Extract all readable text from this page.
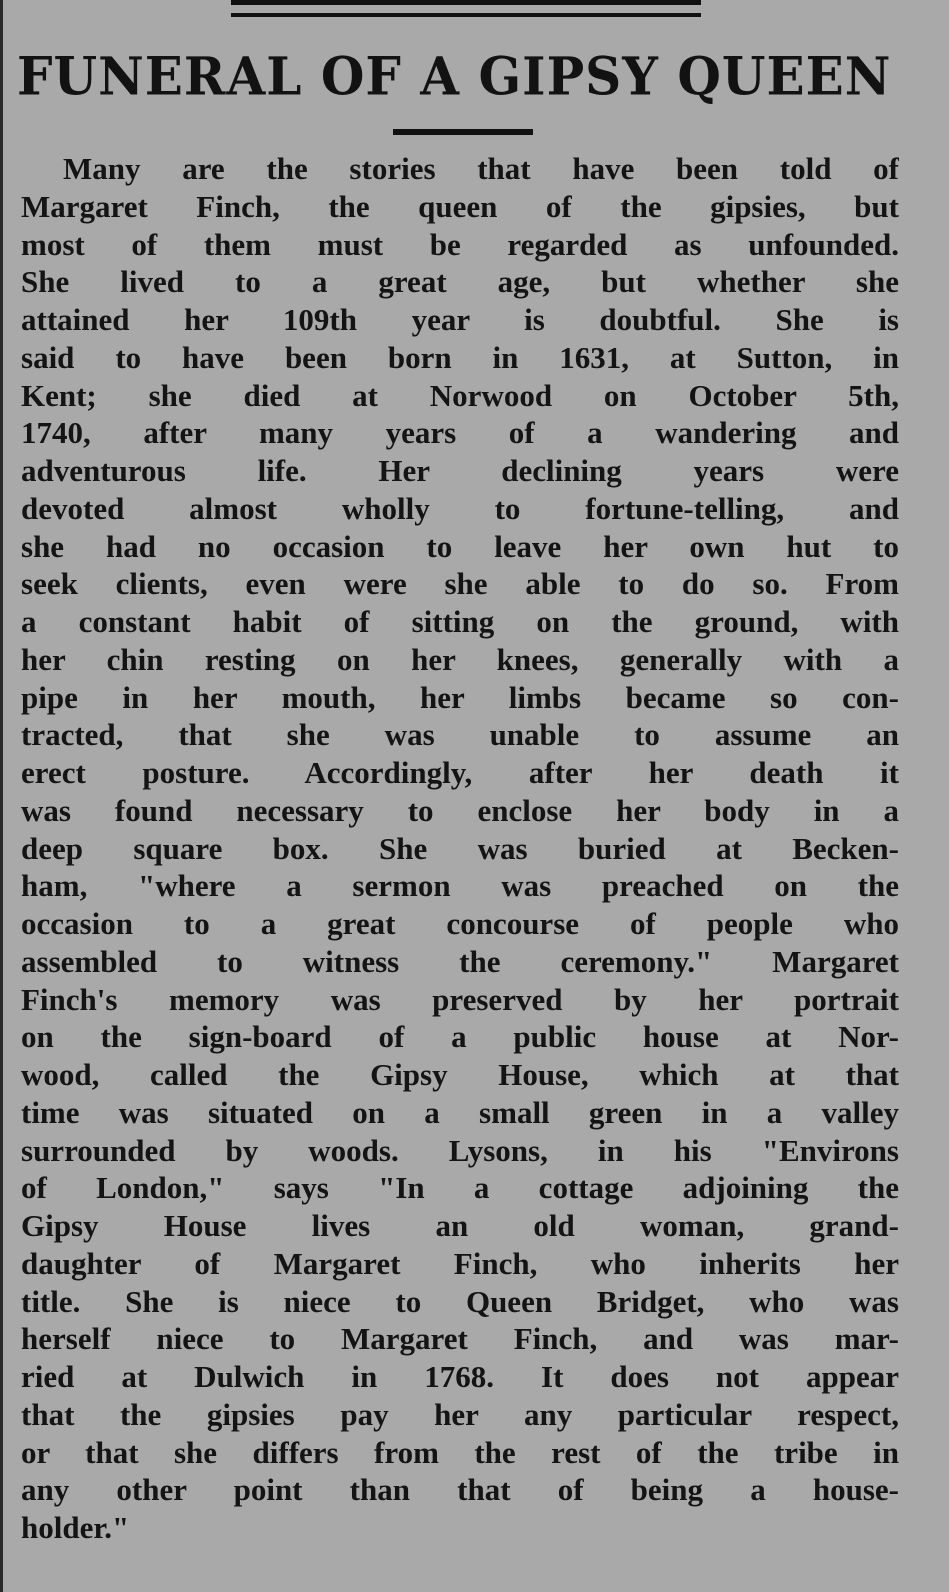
FUNERAL OF A GIPSY QUEEN
Many are the stories that have been told of
Margaret Finch, the queen of the gipsies, but
most of them must be regarded as unfounded.
She lived to a great age, but whether she
attained her 109th year is doubtful. She is
said to have been born in 1631, at Sutton, in
Kent; she died at Norwood on October 5th,
1740, after many years of a wandering and
adventurous life. Her declining years were
devoted almost wholly to fortune-telling, and
she had no occasion to leave her own hut to
seek clients, even were she able to do so. From
a constant habit of sitting on the ground, with
her chin resting on her knees, generally with a
pipe in her mouth, her limbs became so con-
tracted, that she was unable to assume an
erect posture. Accordingly, after her death it
was found necessary to enclose her body in a
deep square box. She was buried at Becken-
ham, "where a sermon was preached on the
occasion to a great concourse of people who
assembled to witness the ceremony." Margaret
Finch's memory was preserved by her portrait
on the sign-board of a public house at Nor-
wood, called the Gipsy House, which at that
time was situated on a small green in a valley
surrounded by woods. Lysons, in his "Environs
of London," says "In a cottage adjoining the
Gipsy House lives an old woman, grand-
daughter of Margaret Finch, who inherits her
title. She is niece to Queen Bridget, who was
herself niece to Margaret Finch, and was mar-
ried at Dulwich in 1768. It does not appear
that the gipsies pay her any particular respect,
or that she differs from the rest of the tribe in
any other point than that of being a house-
holder."
